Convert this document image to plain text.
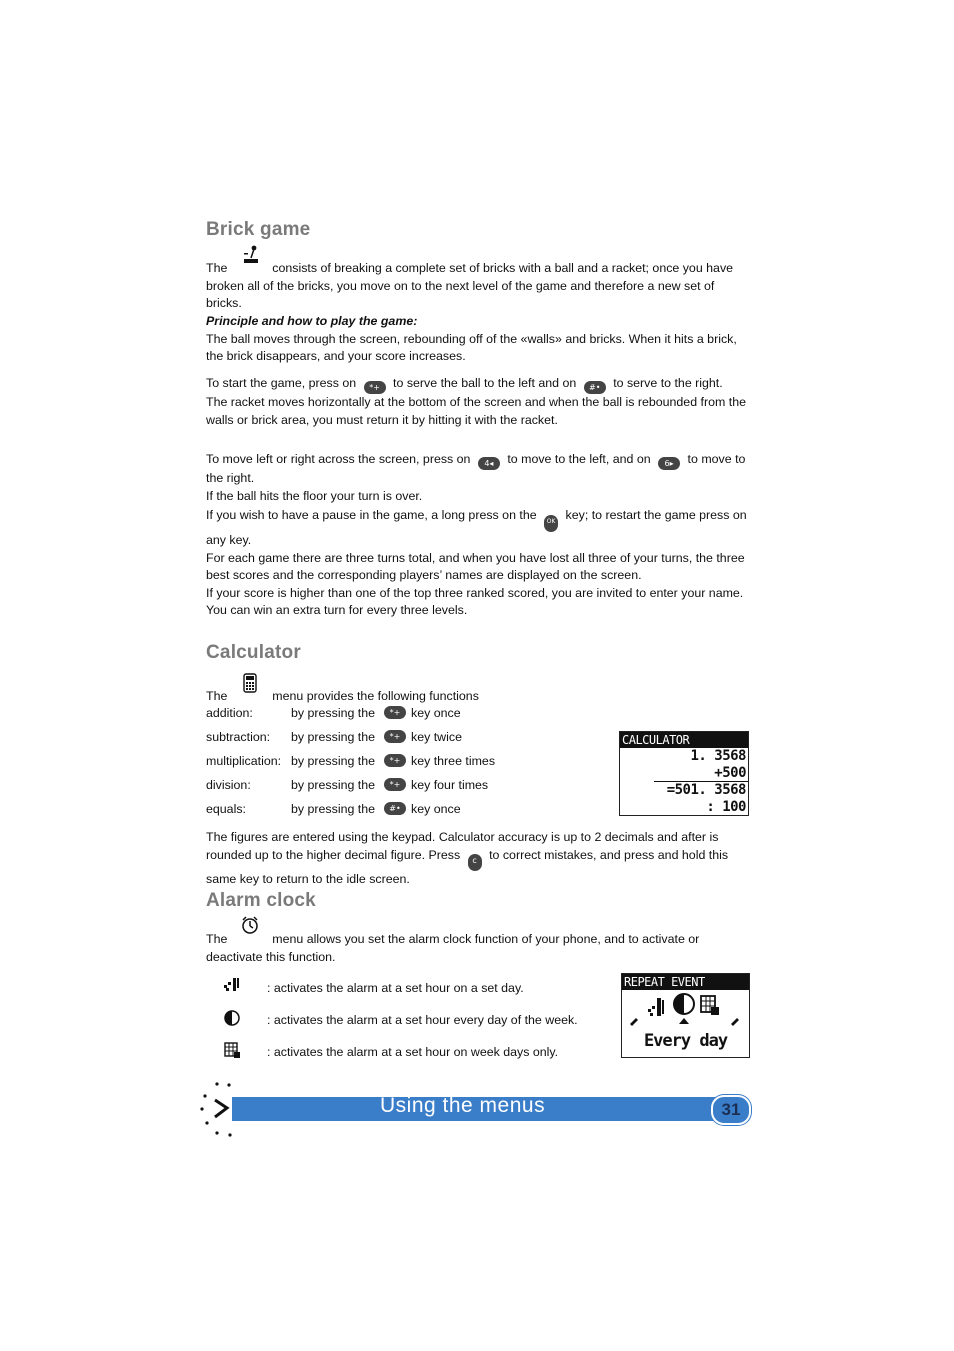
Brick game
The	consists of breaking a complete set of bricks with a ball and a racket; once you have broken all of the bricks, you move on to the next level of the game and therefore a new set of bricks.
Principle and how to play the game:
The ball moves through the screen, rebounding off of the «walls» and bricks. When it hits a brick, the brick disappears, and your score increases.
To start the game, press on *+ to serve the ball to the left and on #• to serve to the right.
The racket moves horizontally at the bottom of the screen and when the ball is rebounded from the walls or brick area, you must return it by hitting it with the racket.
To move left or right across the screen, press on 4◂ to move to the left, and on 6▸ to move to the right.
If the ball hits the floor your turn is over.
If you wish to have a pause in the game, a long press on the OK key; to restart the game press on any key.
For each game there are three turns total, and when you have lost all three of your turns, the three best scores and the corresponding players’ names are displayed on the screen.
If your score is higher than one of the top three ranked scored, you are invited to enter your name.
You can win an extra turn for every three levels.
Calculator
The	menu provides the following functions
addition:	by pressing the	*+ key once
subtraction: by pressing the	*+ key twice
multiplication: by pressing the	*+ key three times
division:	by pressing the	*+ key four times
equals:	by pressing the	#• key once
CALCULATOR
1. 3568
+500
=501. 3568
: 100
The figures are entered using the keypad. Calculator accuracy is up to 2 decimals and after is rounded up to the higher decimal figure. Press c to correct mistakes, and press and hold this same key to return to the idle screen.
Alarm clock
The	menu allows you set the alarm clock function of your phone, and to activate or deactivate this function.
: activates the alarm at a set hour on a set day.
: activates the alarm at a set hour every day of the week.
: activates the alarm at a set hour on week days only.
REPEAT EVENT
Every day
Using the menus	31
